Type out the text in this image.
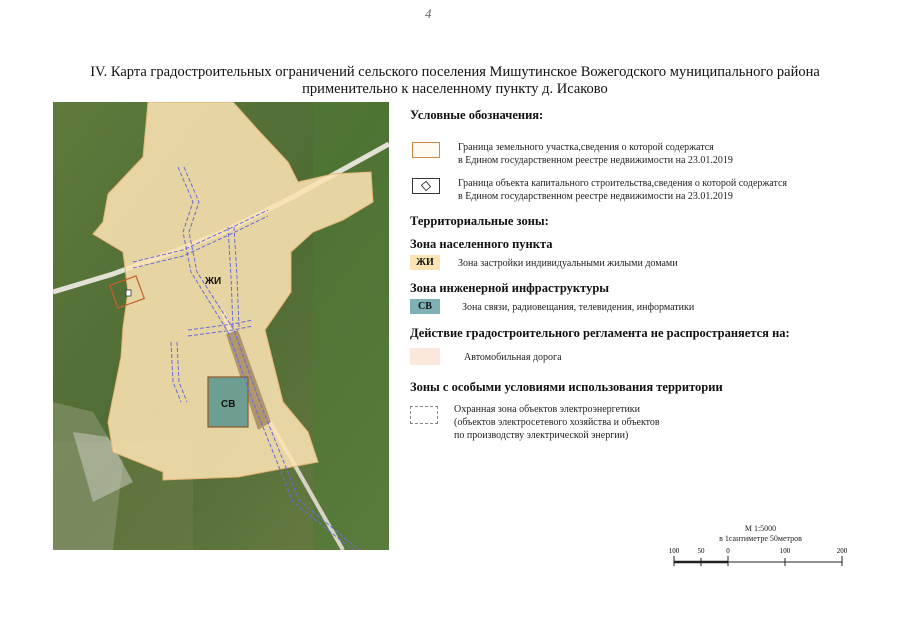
4
IV. Карта градостроительных ограничений сельского поселения Мишутинское Вожегодского муниципального района
применительно к населенному пункту д. Исаково
ЖИ
СВ
Условные обозначения:
Граница земельного участка,сведения о которой содержатся
в Едином государственном реестре недвижимости на 23.01.2019
Граница объекта капитального строительства,сведения о которой содержатся
в Едином государственном реестре недвижимости на 23.01.2019
Территориальные зоны:
Зона населенного пункта
ЖИ	Зона застройки индивидуальными жилыми домами
Зона инженерной инфраструктуры
СВ	Зона связи, радиовещания, телевидения, информатики
Действие градостроительного регламента не распространяется на:
Автомобильная дорога
Зоны с особыми условиями использования территории
Охранная зона объектов электроэнергетики
(объектов электросетевого хозяйства и объектов
по производству электрической энергии)
М 1:5000
в 1сантиметре 50метров
100	50	0	100	200
